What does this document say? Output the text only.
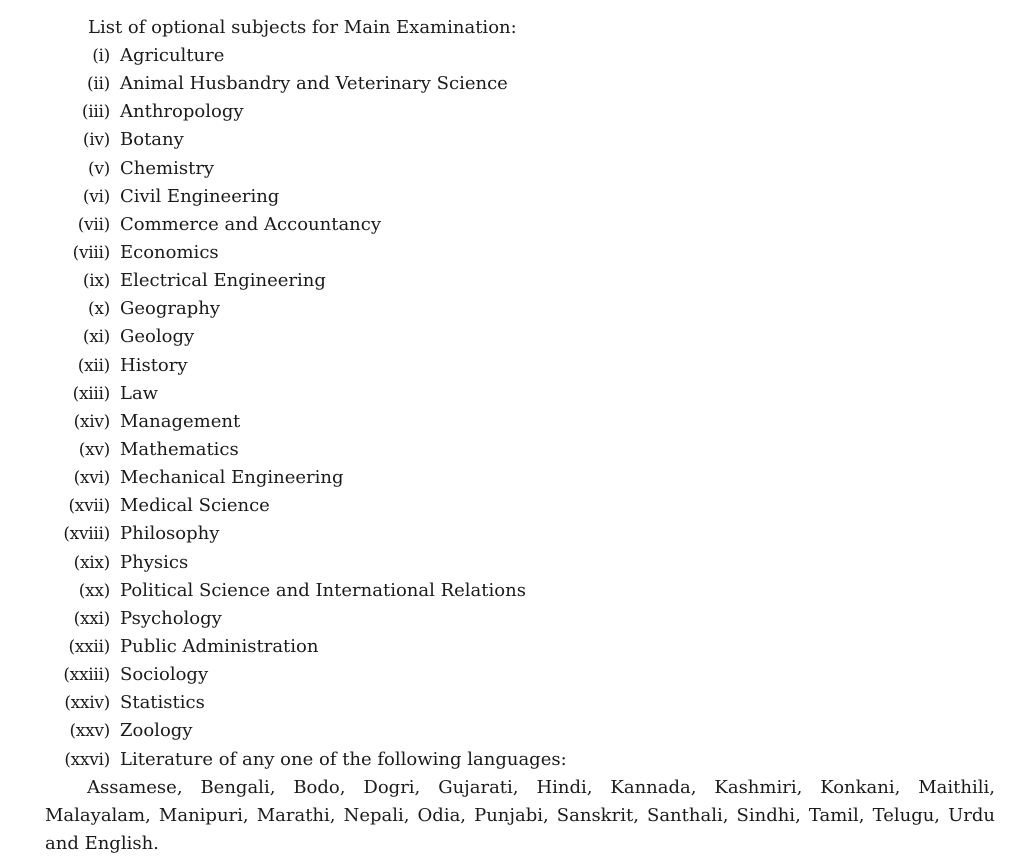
List of optional subjects for Main Examination:
(i) Agriculture
(ii) Animal Husbandry and Veterinary Science
(iii) Anthropology
(iv) Botany
(v) Chemistry
(vi) Civil Engineering
(vii) Commerce and Accountancy
(viii) Economics
(ix) Electrical Engineering
(x) Geography
(xi) Geology
(xii) History
(xiii) Law
(xiv) Management
(xv) Mathematics
(xvi) Mechanical Engineering
(xvii) Medical Science
(xviii) Philosophy
(xix) Physics
(xx) Political Science and International Relations
(xxi) Psychology
(xxii) Public Administration
(xxiii) Sociology
(xxiv) Statistics
(xxv) Zoology
(xxvi) Literature of any one of the following languages:

Assamese, Bengali, Bodo, Dogri, Gujarati, Hindi, Kannada, Kashmiri, Konkani, Maithili, Malayalam, Manipuri, Marathi, Nepali, Odia, Punjabi, Sanskrit, Santhali, Sindhi, Tamil, Telugu, Urdu and English.
